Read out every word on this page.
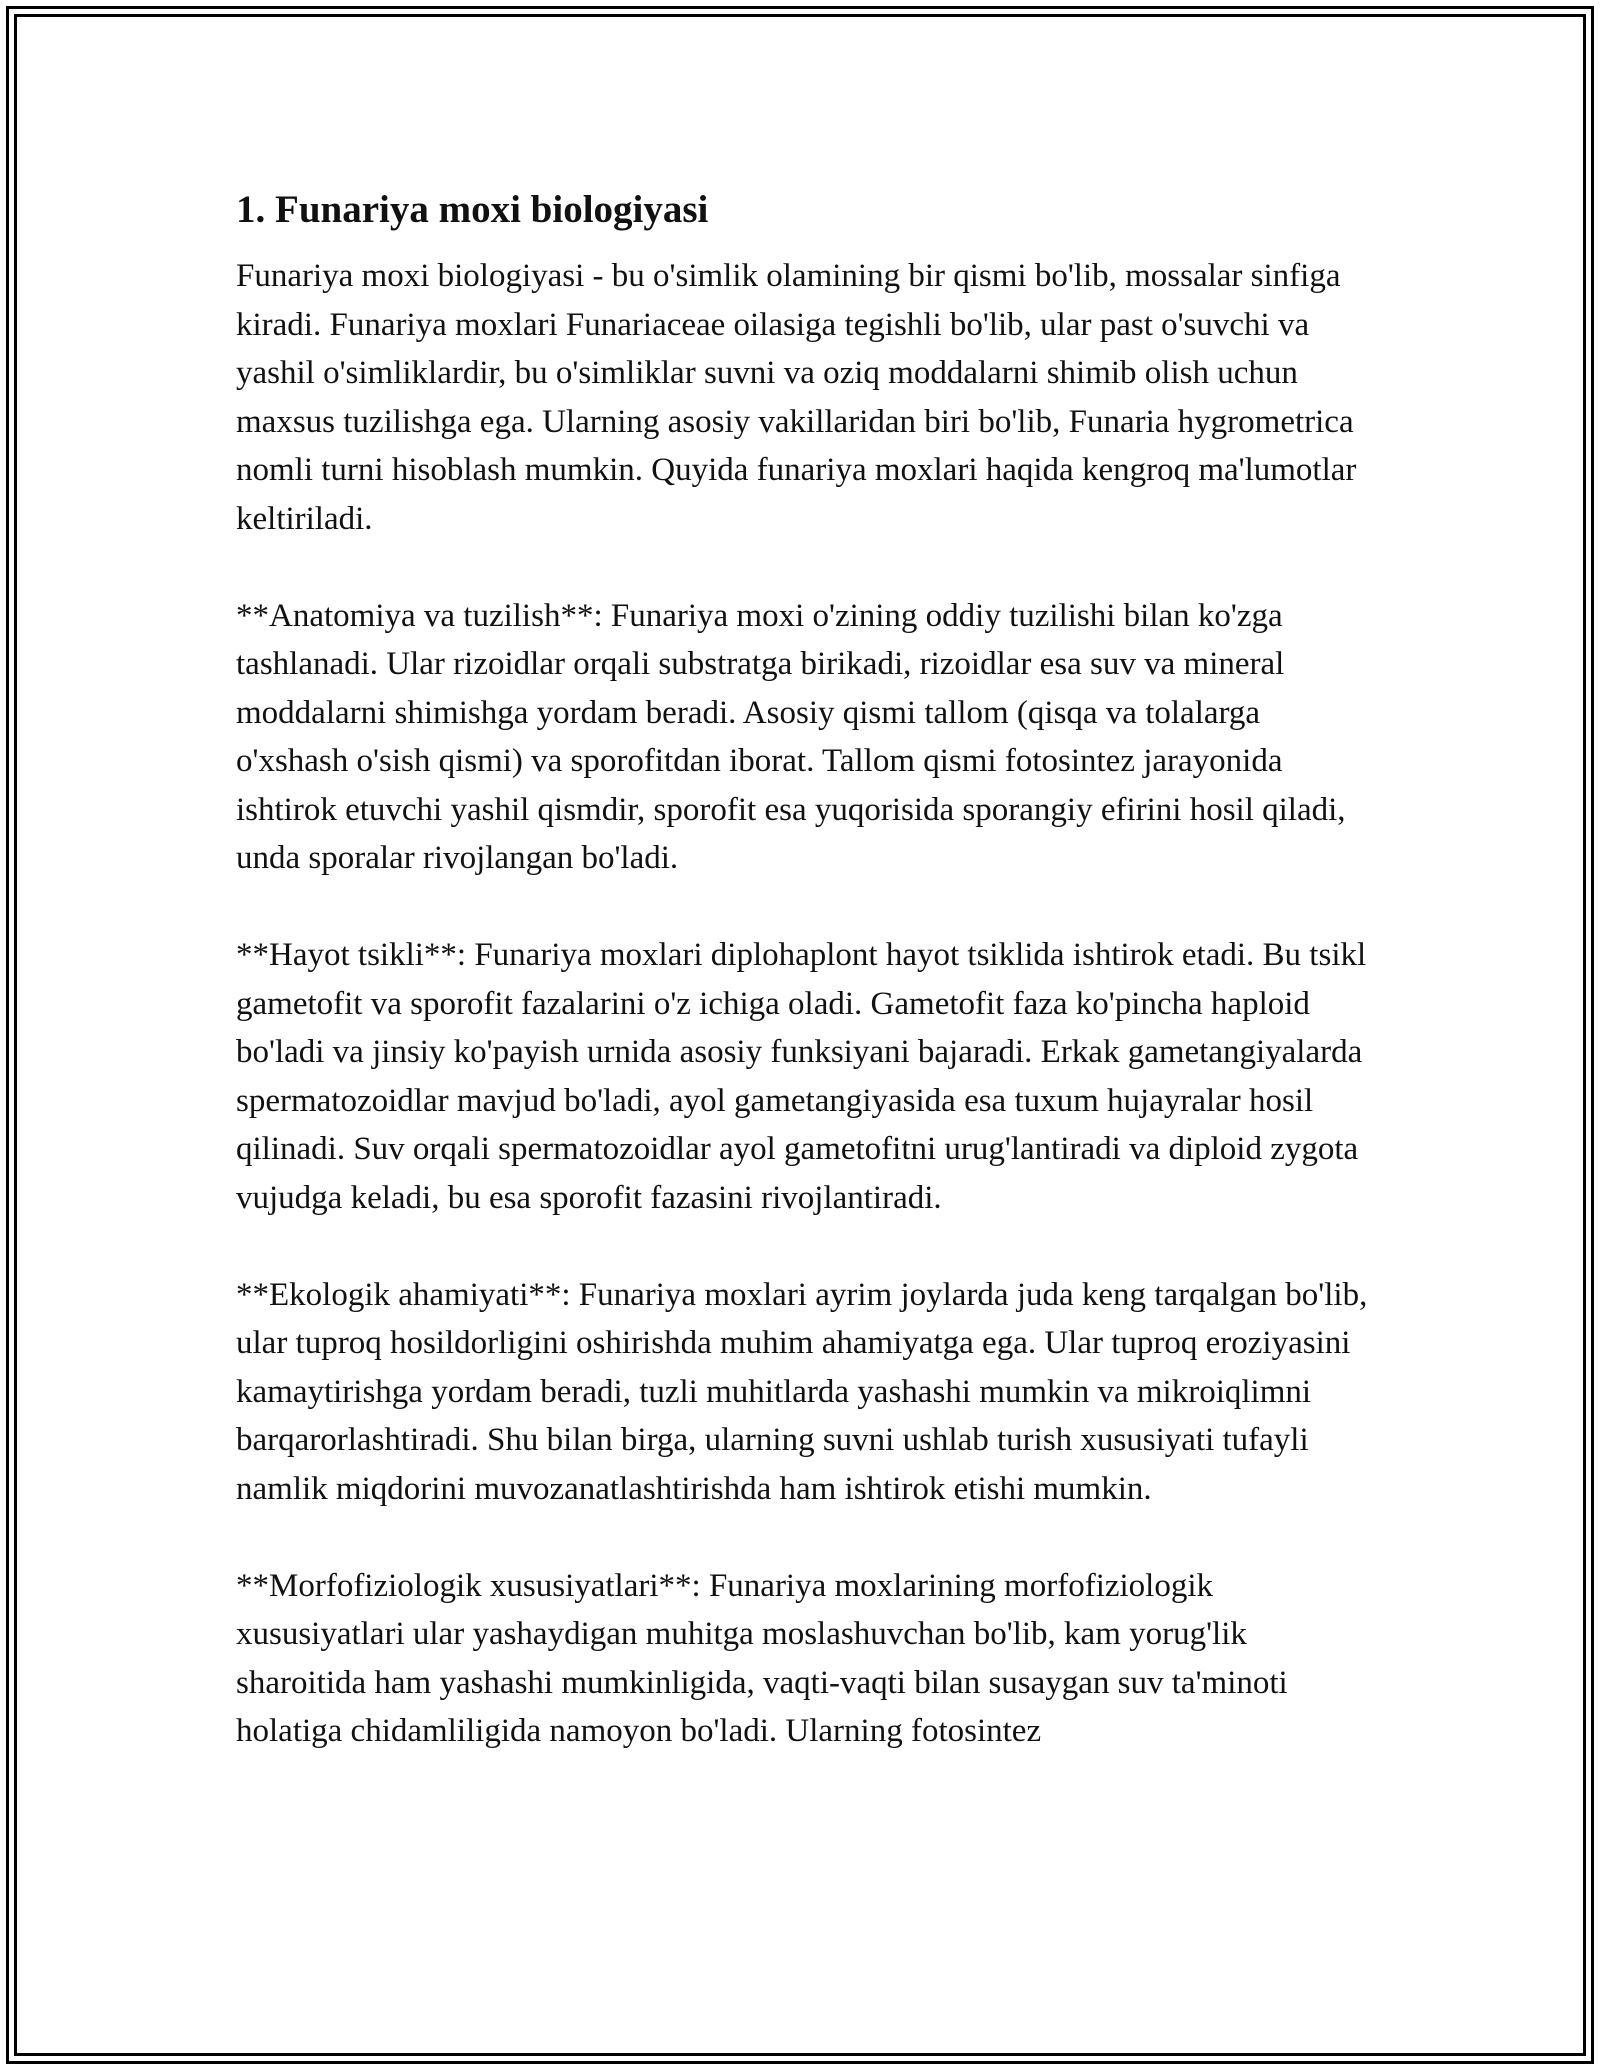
1. Funariya moxi biologiyasi

Funariya moxi biologiyasi - bu o'simlik olamining bir qismi bo'lib, mossalar sinfiga kiradi. Funariya moxlari Funariaceae oilasiga tegishli bo'lib, ular past o'suvchi va yashil o'simliklardir, bu o'simliklar suvni va oziq moddalarni shimib olish uchun maxsus tuzilishga ega. Ularning asosiy vakillaridan biri bo'lib, Funaria hygrometrica nomli turni hisoblash mumkin. Quyida funariya moxlari haqida kengroq ma'lumotlar keltiriladi.

**Anatomiya va tuzilish**: Funariya moxi o'zining oddiy tuzilishi bilan ko'zga tashlanadi. Ular rizoidlar orqali substratga birikadi, rizoidlar esa suv va mineral moddalarni shimishga yordam beradi. Asosiy qismi tallom (qisqa va tolalarga o'xshash o'sish qismi) va sporofitdan iborat. Tallom qismi fotosintez jarayonida ishtirok etuvchi yashil qismdir, sporofit esa yuqorisida sporangiy efirini hosil qiladi, unda sporalar rivojlangan bo'ladi.

**Hayot tsikli**: Funariya moxlari diplohaplont hayot tsiklida ishtirok etadi. Bu tsikl gametofit va sporofit fazalarini o'z ichiga oladi. Gametofit faza ko'pincha haploid bo'ladi va jinsiy ko'payish urnida asosiy funksiyani bajaradi. Erkak gametangiyalarda spermatozoidlar mavjud bo'ladi, ayol gametangiyasida esa tuxum hujayralar hosil qilinadi. Suv orqali spermatozoidlar ayol gametofitni urug'lantiradi va diploid zygota vujudga keladi, bu esa sporofit fazasini rivojlantiradi.

**Ekologik ahamiyati**: Funariya moxlari ayrim joylarda juda keng tarqalgan bo'lib, ular tuproq hosildorligini oshirishda muhim ahamiyatga ega. Ular tuproq eroziyasini kamaytirishga yordam beradi, tuzli muhitlarda yashashi mumkin va mikroiqlimni barqarorlashtiradi. Shu bilan birga, ularning suvni ushlab turish xususiyati tufayli namlik miqdorini muvozanatlashtirishda ham ishtirok etishi mumkin.

**Morfofiziologik xususiyatlari**: Funariya moxlarining morfofiziologik xususiyatlari ular yashaydigan muhitga moslashuvchan bo'lib, kam yorug'lik sharoitida ham yashashi mumkinligida, vaqti-vaqti bilan susaygan suv ta'minoti holatiga chidamliligida namoyon bo'ladi. Ularning fotosintez
